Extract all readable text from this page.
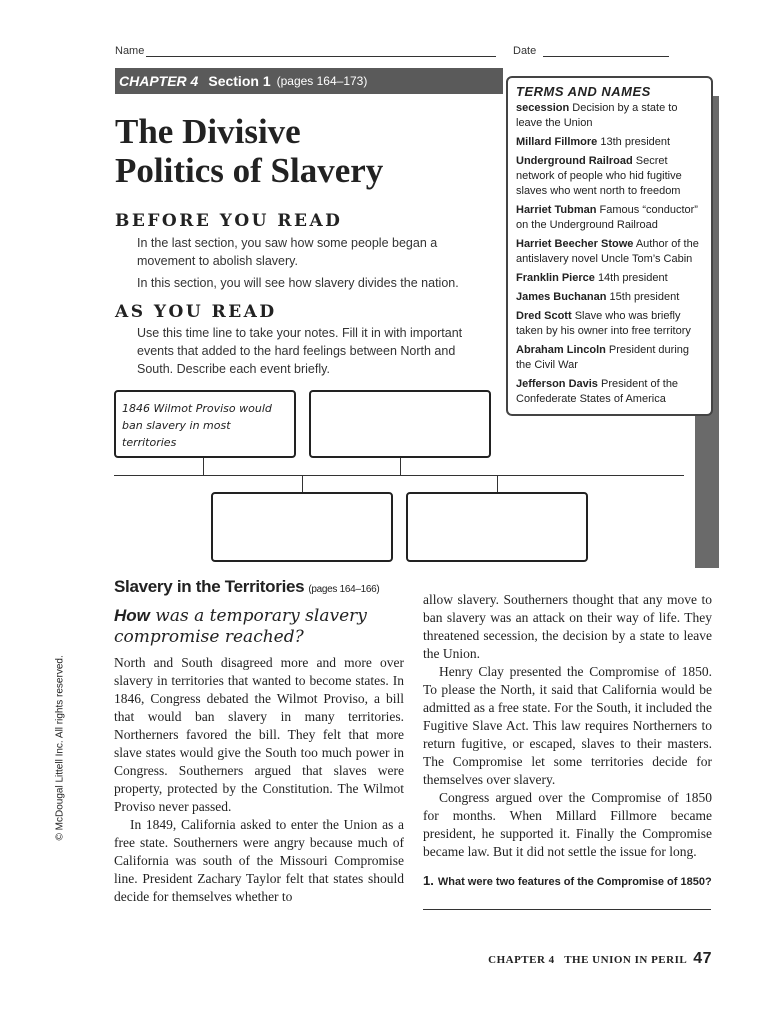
Name	Date
CHAPTER 4 Section 1 (pages 164–173)
TERMS AND NAMES
secession Decision by a state to leave the Union
Millard Fillmore 13th president
Underground Railroad Secret network of people who hid fugitive slaves who went north to freedom
Harriet Tubman Famous “conductor” on the Underground Railroad
Harriet Beecher Stowe Author of the antislavery novel Uncle Tom’s Cabin
Franklin Pierce 14th president
James Buchanan 15th president
Dred Scott Slave who was briefly taken by his owner into free territory
Abraham Lincoln President during the Civil War
Jefferson Davis President of the Confederate States of America
The Divisive
Politics of Slavery
BEFORE YOU READ
In the last section, you saw how some people began a movement to abolish slavery.
In this section, you will see how slavery divides the nation.
AS YOU READ
Use this time line to take your notes. Fill it in with important events that added to the hard feelings between North and South. Describe each event briefly.
1846 Wilmot Proviso would ban slavery in most territories
Slavery in the Territories (pages 164–166)
How was a temporary slavery compromise reached?

North and South disagreed more and more over slavery in territories that wanted to become states. In 1846, Congress debated the Wilmot Proviso, a bill that would ban slavery in many territories. Northerners favored the bill. They felt that more slave states would give the South too much power in Congress. Southerners argued that slaves were property, protected by the Constitution. The Wilmot Proviso never passed.

In 1849, California asked to enter the Union as a free state. Southerners were angry because much of California was south of the Missouri Compromise line. President Zachary Taylor felt that states should decide for themselves whether to

allow slavery. Southerners thought that any move to ban slavery was an attack on their way of life. They threatened secession, the decision by a state to leave the Union.

Henry Clay presented the Compromise of 1850. To please the North, it said that California would be admitted as a free state. For the South, it included the Fugitive Slave Act. This law requires Northerners to return fugitive, or escaped, slaves to their masters. The Compromise let some territories decide for themselves over slavery.

Congress argued over the Compromise of 1850 for months. When Millard Fillmore became president, he supported it. Finally the Compromise became law. But it did not settle the issue for long.

1. What were two features of the Compromise of 1850?
© McDougal Littell Inc. All rights reserved.
CHAPTER 4   THE UNION IN PERIL 47
